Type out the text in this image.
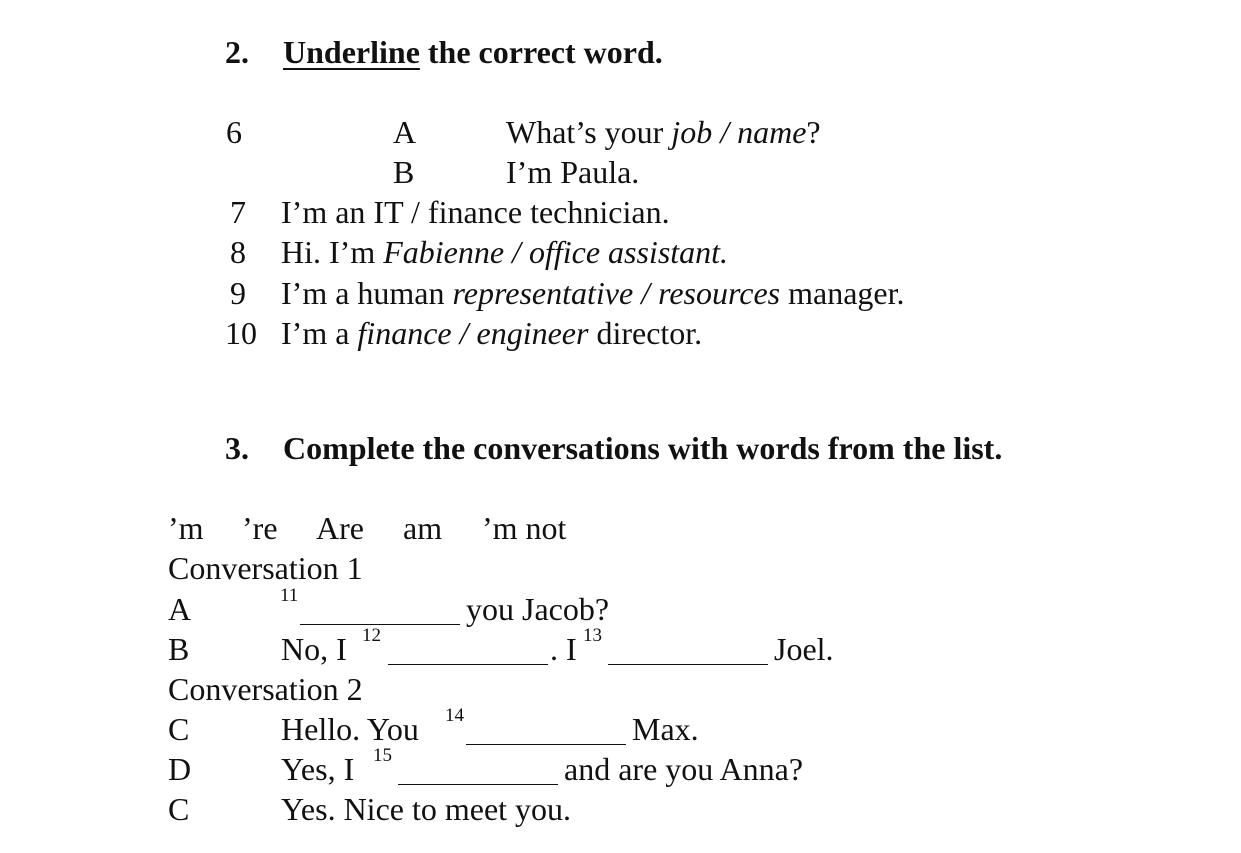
2. Underline the correct word.
6	A	What’s your job / name?
B	I’m Paula.
7 I’m an IT / finance technician.
8 Hi. I’m Fabienne / office assistant.
9 I’m a human representative / resources manager.
10 I’m a finance / engineer director.
3. Complete the conversations with words from the list.
’m ’re Are am ’m not
Conversation 1
A	11	you Jacob?
B	No, I 12	. I 13	Joel.
Conversation 2
C	Hello. You 14	Max.
D	Yes, I 15	and are you Anna?
C	Yes. Nice to meet you.
